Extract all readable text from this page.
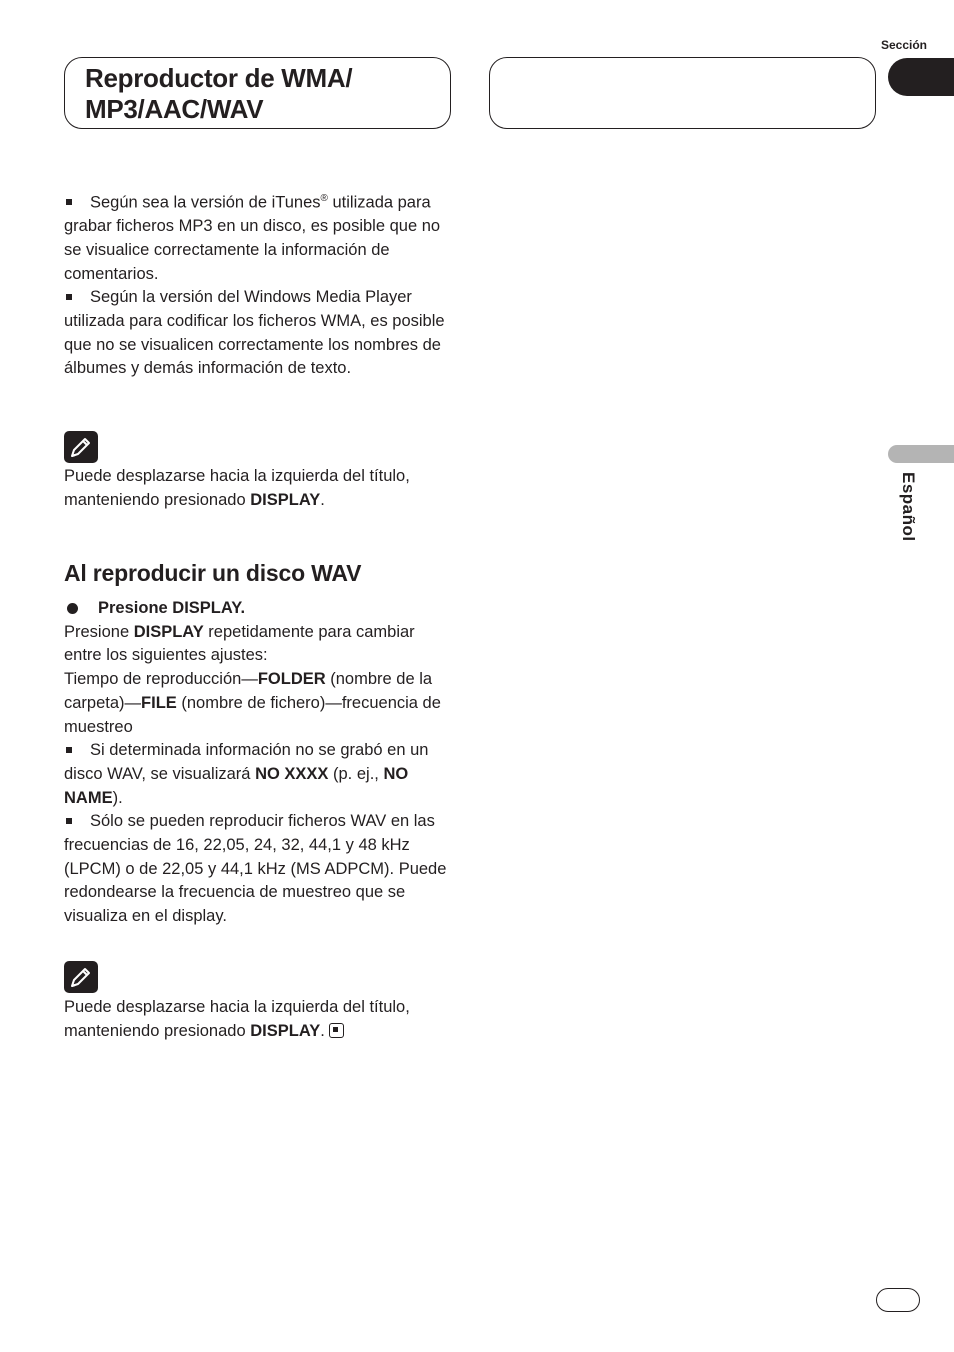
Reproductor de WMA/
MP3/AAC/WAV
Sección
Español

Según sea la versión de iTunes® utilizada para grabar ficheros MP3 en un disco, es posible que no se visualice correctamente la información de comentarios.

Según la versión del Windows Media Player utilizada para codificar los ficheros WMA, es posible que no se visualicen correctamente los nombres de álbumes y demás información de texto.

Puede desplazarse hacia la izquierda del título, manteniendo presionado DISPLAY.

Al reproducir un disco WAV

Presione DISPLAY.

Presione DISPLAY repetidamente para cambiar entre los siguientes ajustes:

Tiempo de reproducción—FOLDER (nombre de la carpeta)—FILE (nombre de fichero)—frecuencia de muestreo

Si determinada información no se grabó en un disco WAV, se visualizará NO XXXX (p. ej., NO NAME).

Sólo se pueden reproducir ficheros WAV en las frecuencias de 16, 22,05, 24, 32, 44,1 y 48 kHz (LPCM) o de 22,05 y 44,1 kHz (MS ADPCM). Puede redondearse la frecuencia de muestreo que se visualiza en el display.

Puede desplazarse hacia la izquierda del título, manteniendo presionado DISPLAY.
